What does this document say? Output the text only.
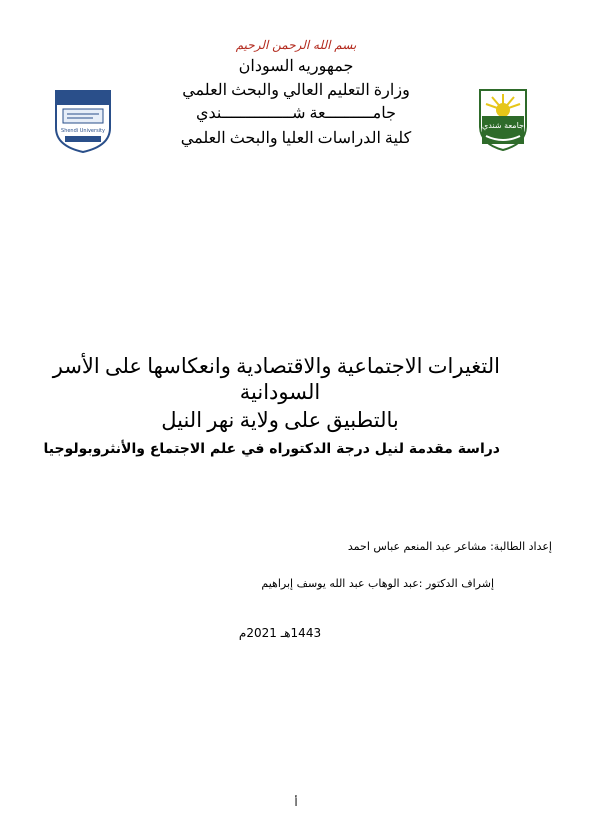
بسم الله الرحمن الرحيم
جمهوريه السودان
وزارة التعليم العالي والبحث العلمي
جامــــــــــعة شـــــــــــــــندي
كلية الدراسات العليا والبحث العلمي
جامعة شندي
Shendi University
التغيرات الاجتماعية والاقتصادية وانعكاسها على الأسر
السودانية
بالتطبيق على ولاية نهر النيل
دراسة مقدمة لنيل درجة الدكتوراه في علم الاجتماع والأنثروبولوجيا
إعداد الطالبة: مشاعر عبد المنعم عباس احمد
إشراف الدكتور :عبد الوهاب عبد الله يوسف إبراهيم
1443هـ 2021م
أ
